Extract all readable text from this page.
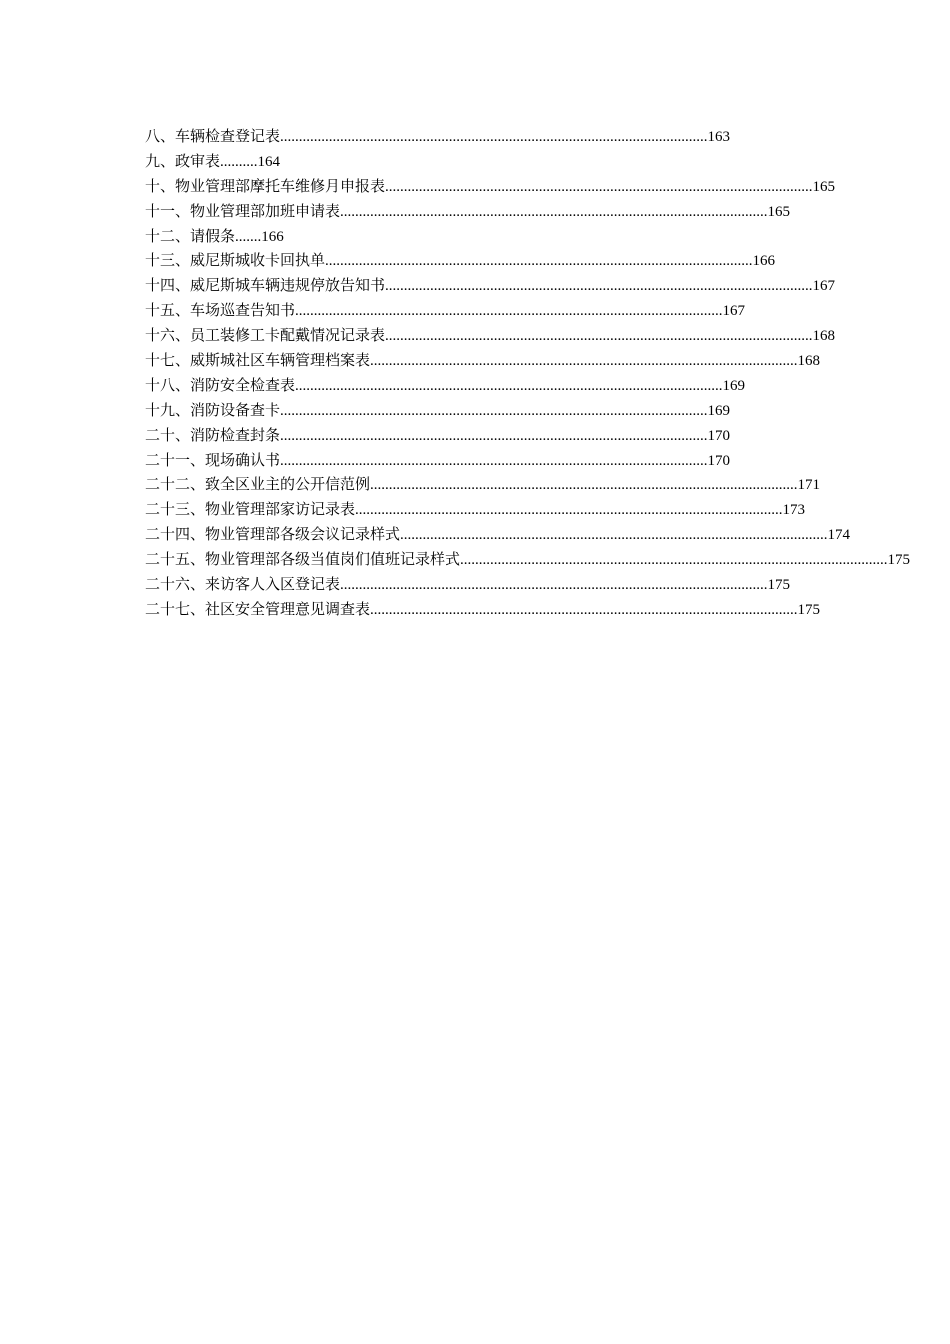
八、车辆检查登记表 .................................................................................................................. 163
九、政审表 .......... 164
十、物业管理部摩托车维修月申报表 .................................................................................................................. 165
十一、物业管理部加班申请表 .................................................................................................................. 165
十二、请假条 ....... 166
十三、威尼斯城收卡回执单 .................................................................................................................. 166
十四、威尼斯城车辆违规停放告知书 .................................................................................................................. 167
十五、车场巡查告知书 .................................................................................................................. 167
十六、员工装修工卡配戴情况记录表 .................................................................................................................. 168
十七、威斯城社区车辆管理档案表 .................................................................................................................. 168
十八、消防安全检查表 .................................................................................................................. 169
十九、消防设备查卡 .................................................................................................................. 169
二十、消防检查封条 .................................................................................................................. 170
二十一、现场确认书 .................................................................................................................. 170
二十二、致全区业主的公开信范例 .................................................................................................................. 171
二十三、物业管理部家访记录表 .................................................................................................................. 173
二十四、物业管理部各级会议记录样式 .................................................................................................................. 174
二十五、物业管理部各级当值岗们值班记录样式 .................................................................................................................. 175
二十六、来访客人入区登记表 .................................................................................................................. 175
二十七、社区安全管理意见调查表 .................................................................................................................. 175
